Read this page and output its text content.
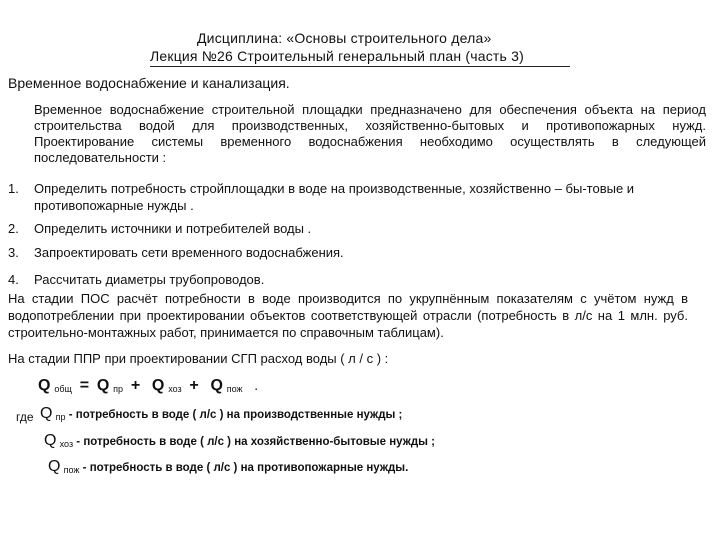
Дисциплина: «Основы строительного дела»
Лекция №26 Строительный генеральный план (часть 3)
Временное водоснабжение и канализация.
Временное водоснабжение строительной площадки предназначено для обеспечения объекта на период строительства водой для производственных, хозяйственно-бытовых и противопожарных нужд. Проектирование системы временного водоснабжения необходимо осуществлять в следующей последовательности :
1. Определить потребность стройплощадки в воде на производственные, хозяйственно – бы-товые и
противопожарные нужды .
2. Определить источники и потребителей воды .
3. Запроектировать сети временного водоснабжения.
4. Рассчитать диаметры трубопроводов.
На стадии ПОС расчёт потребности в воде производится по укрупнённым показателям с учётом нужд в водопотреблении при проектировании объектов соответствующей отрасли (потребность в л/с на 1 млн. руб. строительно-монтажных работ, принимается по справочным таблицам).
На стадии ППР при проектировании СГП расход воды ( л / с ) :
Q $_{общ}$ = Q $_{пр}$ + Q $_{хоз}$ + Q $_{пож}$ .
где Q $_{пр}$ - потребность в воде ( л/с ) на производственные нужды ;
Q $_{хоз}$ - потребность в воде ( л/с ) на хозяйственно-бытовые нужды ;
Q $_{пож}$ - потребность в воде ( л/с ) на противопожарные нужды.
